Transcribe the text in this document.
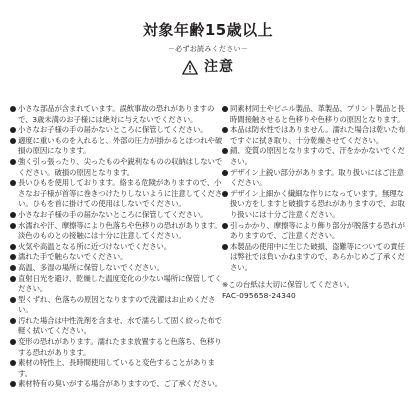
対象年齢15歳以上
－必ずお読みください－
注意
小さな部品が含まれています。誤飲事故の恐れがありますので、3歳未満のお子様には絶対に与えないでください。
小さなお子様の手の届かないところに保管してください。
適度に重いものを入れると、外部の圧力が掛かるとほつれや破損の原因になります。
強く引っ張ったり、尖ったものや鋭利なものの収納はしないでください。破損の原因となります。
長いひもを使用しております。絡まる危険がありますので、小さなお子様が首等に巻きつけたりしないように注意してください。ひもを首に掛けての使用はしないでください。
小さなお子様の手の届かないところに保管してください。
水濡れや汗、摩擦等により色落ちや色移りの恐れがあります。淡色のものとの接触には十分に注意してください。
火気や高温となる所に近づけないでください。
濡れた手で触らないでください。
高温、多湿の場所に保管しないでください。
直射日光を避け、乾燥した温度変化の少ない場所に保管してください。
型くずれ、色落ちの原因となりますので洗濯はお止めください。
汚れた場合は中性洗剤を含ませ、水で濡らして固く絞った布で軽く拭いてください。
変形の恐れがあります。濡れたまま放置すると色落ち、色移りする恐れがあります。
素材の特性上、長時間使用していると変色することがあります。
素材特有の臭いがする場合がありますので、ご了承ください。
同素材同士やビニル製品、革製品、プリント製品と長時間接触させると色移りや色移りの原因となります。
本品は防水性ではありません。濡れた場合は乾いた布ですぐに拭き取り、十分乾燥させてください。
錆、変質の原因となりますので、汗をかかないでください。
デザイン上鋭い部分があります。取り扱いにはご注意ください。
デザイン上細かく繊細な作りになっています。無理な扱い方をしますと破損する恐れがありますので、お取り扱いには十分ご注意ください。
引っかかり、摩擦等により飾り部分が脱落する恐れがありますので、ご注意ください。
本製品の使用中に生じた破損、盗難等についての責任は弊社では負いかねますので、あらかじめご了承ください。
※この台紙は大切に保管してください。
FAC-095658-24340
